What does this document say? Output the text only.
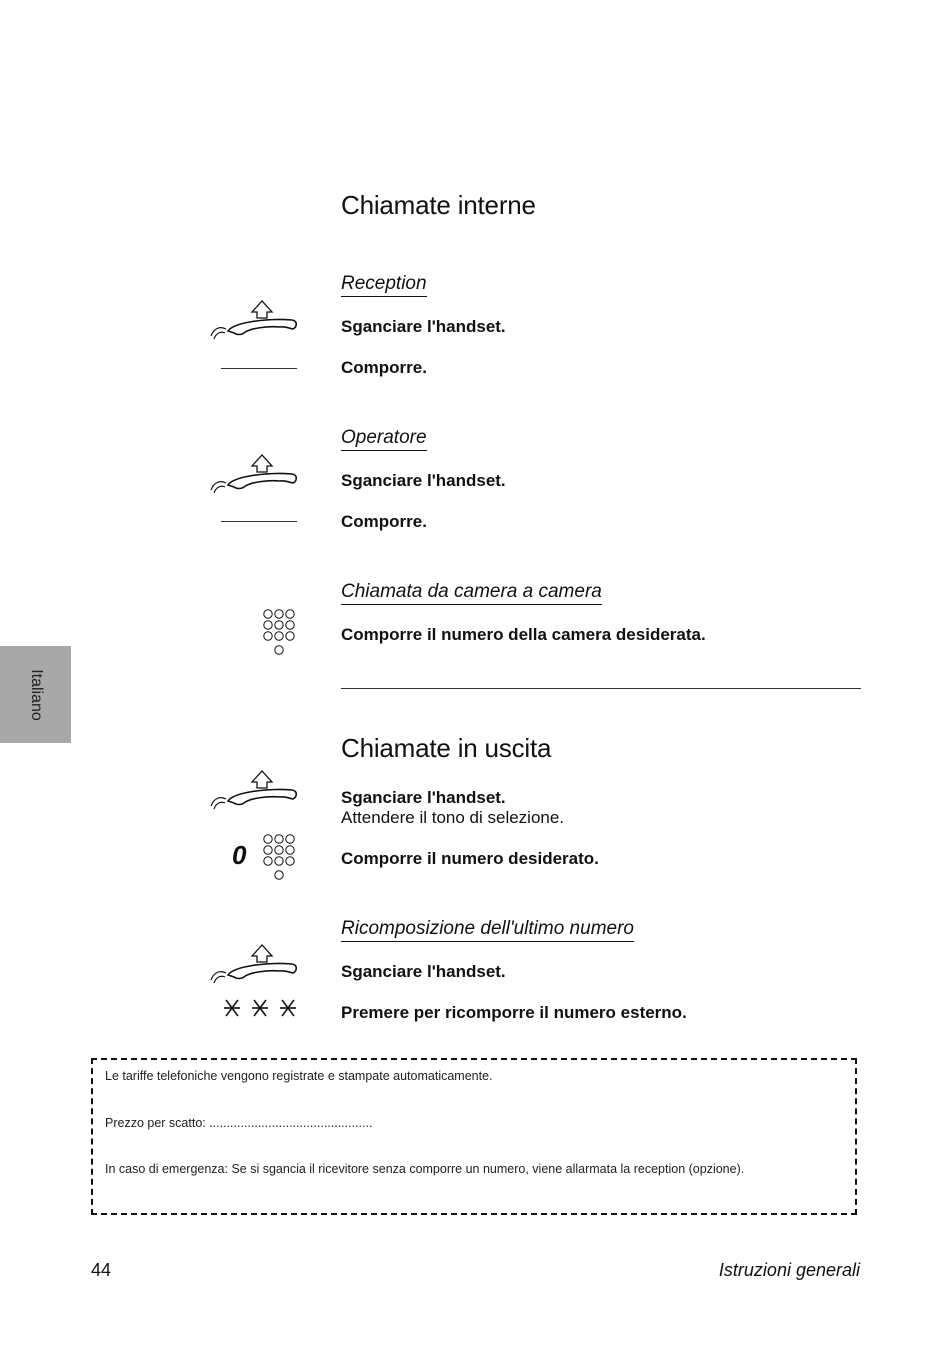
Italiano
Chiamate interne
Reception
Sganciare l'handset.
Comporre.
Operatore
Sganciare l'handset.
Comporre.
Chiamata da camera a camera
Comporre il numero della camera desiderata.
Chiamate in uscita
Sganciare l'handset.
Attendere il tono di selezione.
0	Comporre il numero desiderato.
Ricomposizione dell'ultimo numero
Sganciare l'handset.
Premere per ricomporre il numero esterno.

Le tariffe telefoniche vengono registrate e stampate automaticamente.

Prezzo per scatto: ...............................................

In caso di emergenza: Se si sgancia il ricevitore senza comporre un numero, viene allarmata la reception (opzione).

44	Istruzioni generali
